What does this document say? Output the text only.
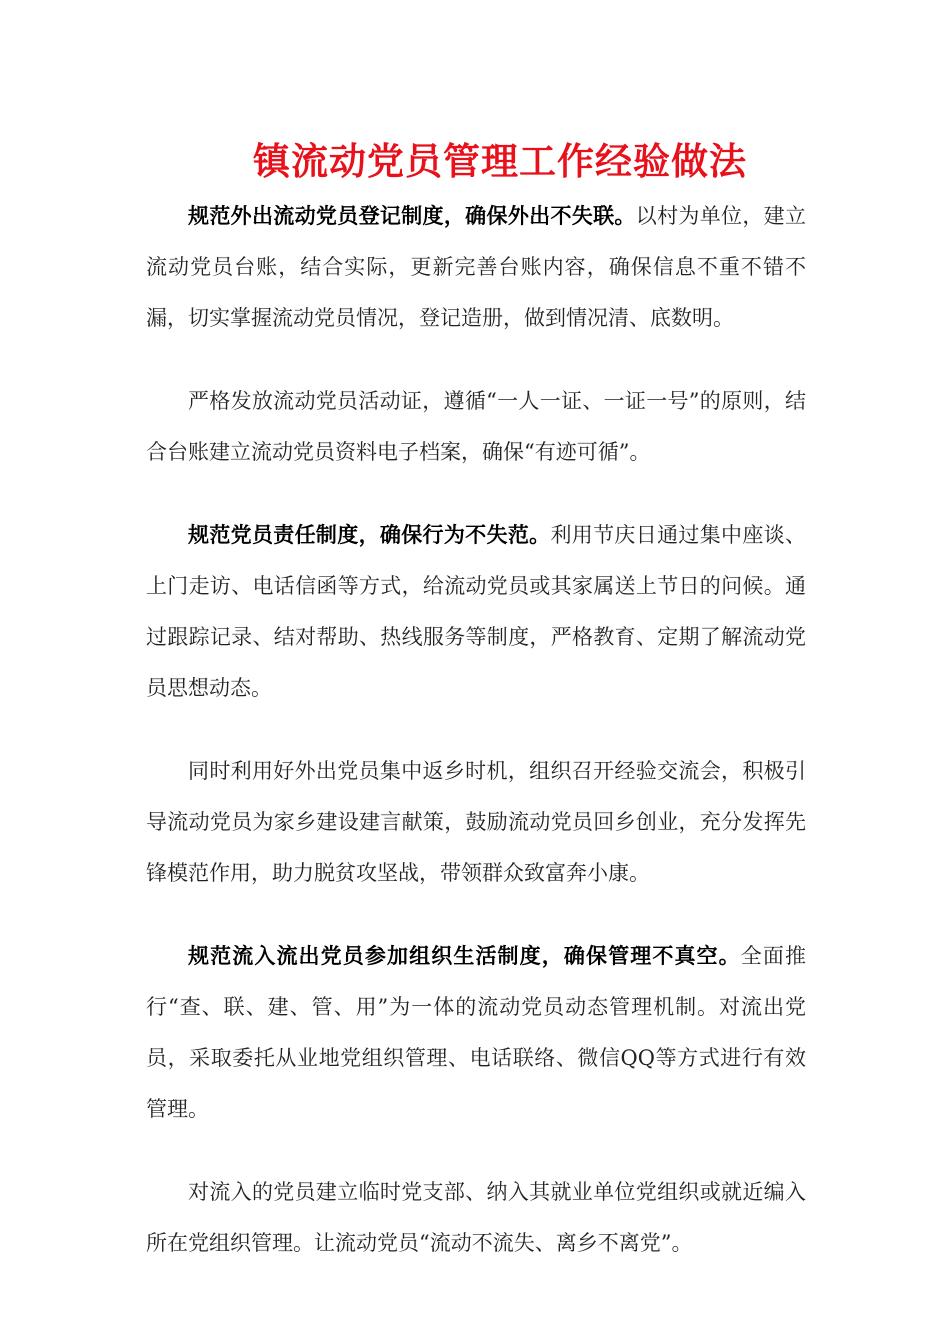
镇流动党员管理工作经验做法

规范外出流动党员登记制度，确保外出不失联。以村为单位，建立流动党员台账，结合实际，更新完善台账内容，确保信息不重不错不漏，切实掌握流动党员情况，登记造册，做到情况清、底数明。

严格发放流动党员活动证，遵循“一人一证、一证一号”的原则，结合台账建立流动党员资料电子档案，确保“有迹可循”。

规范党员责任制度，确保行为不失范。利用节庆日通过集中座谈、上门走访、电话信函等方式，给流动党员或其家属送上节日的问候。通过跟踪记录、结对帮助、热线服务等制度，严格教育、定期了解流动党员思想动态。

同时利用好外出党员集中返乡时机，组织召开经验交流会，积极引导流动党员为家乡建设建言献策，鼓励流动党员回乡创业，充分发挥先锋模范作用，助力脱贫攻坚战，带领群众致富奔小康。

规范流入流出党员参加组织生活制度，确保管理不真空。全面推行“查、联、建、管、用”为一体的流动党员动态管理机制。对流出党员，采取委托从业地党组织管理、电话联络、微信QQ等方式进行有效管理。

对流入的党员建立临时党支部、纳入其就业单位党组织或就近编入所在党组织管理。让流动党员“流动不流失、离乡不离党”。
